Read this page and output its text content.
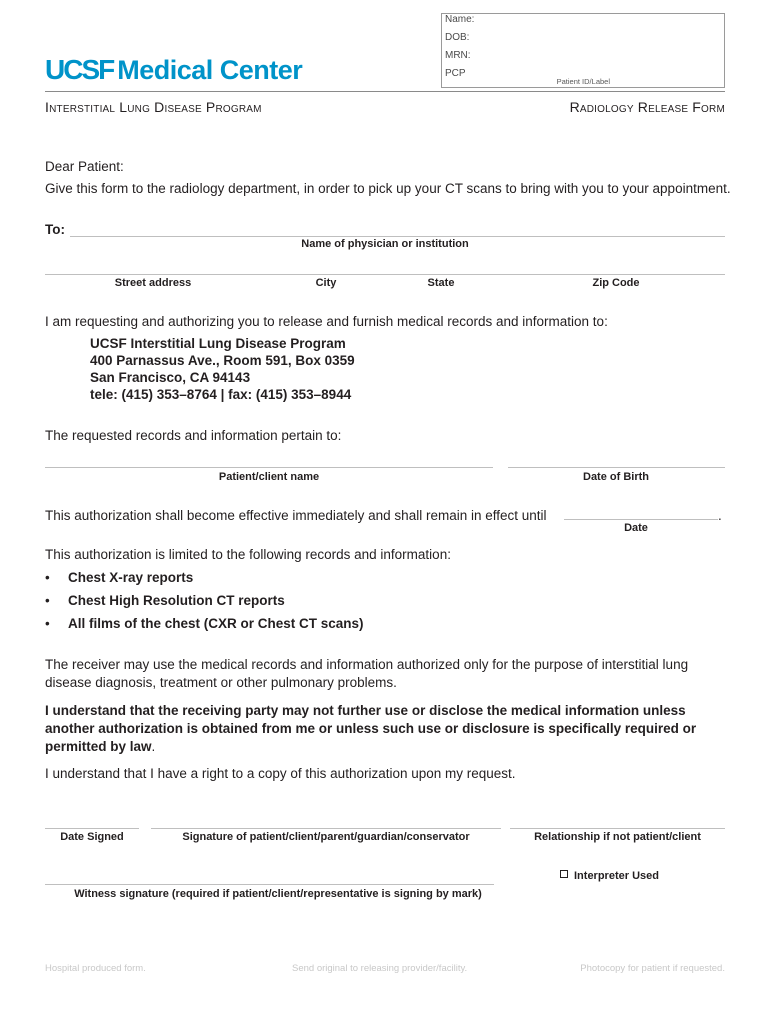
Name:
DOB:
MRN:
PCP
Patient ID/Label
UCSF Medical Center
Interstitial Lung Disease Program	Radiology Release Form
Dear Patient:
Give this form to the radiology department, in order to pick up your CT scans to bring with you to your appointment.
To:
Name of physician or institution
Street address	City	State	Zip Code
I am requesting and authorizing you to release and furnish medical records and information to:
UCSF Interstitial Lung Disease Program
400 Parnassus Ave., Room 591, Box 0359
San Francisco, CA 94143
tele: (415) 353–8764 | fax: (415) 353–8944
The requested records and information pertain to:
Patient/client name	Date of Birth
This authorization shall become effective immediately and shall remain in effect until	.
Date
This authorization is limited to the following records and information:
• Chest X-ray reports
• Chest High Resolution CT reports
• All films of the chest (CXR or Chest CT scans)
The receiver may use the medical records and information authorized only for the purpose of interstitial lung disease diagnosis, treatment or other pulmonary problems.
I understand that the receiving party may not further use or disclose the medical information unless another authorization is obtained from me or unless such use or disclosure is specifically required or permitted by law.
I understand that I have a right to a copy of this authorization upon my request.
Date Signed	Signature of patient/client/parent/guardian/conservator	Relationship if not patient/client
Interpreter Used
Witness signature (required if patient/client/representative is signing by mark)
Hospital produced form.	Send original to releasing provider/facility.	Photocopy for patient if requested.
